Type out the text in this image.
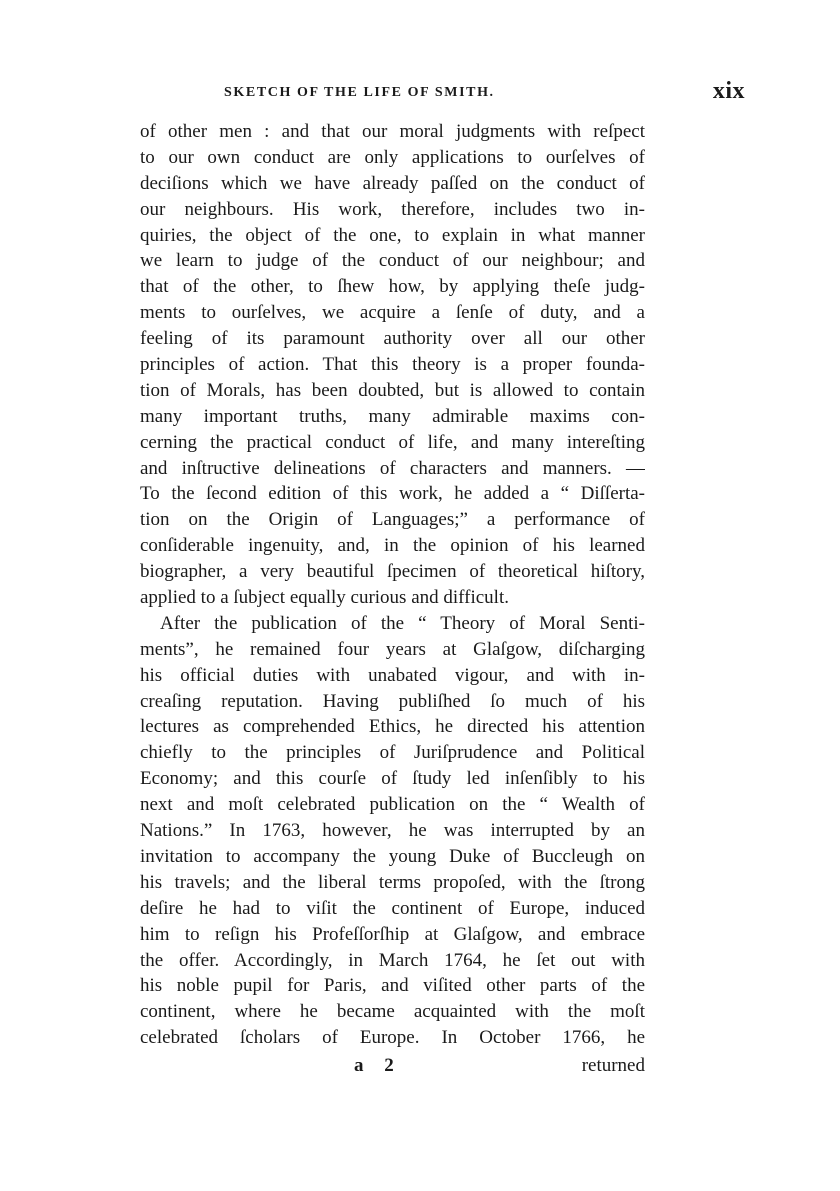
SKETCH OF THE LIFE OF SMITH.	xix
of other men : and that our moral judgments with reſpect
to our own conduct are only applications to ourſelves of
deciſions which we have already paſſed on the conduct of
our neighbours. His work, therefore, includes two in-
quiries, the object of the one, to explain in what manner
we learn to judge of the conduct of our neighbour; and
that of the other, to ſhew how, by applying theſe judg-
ments to ourſelves, we acquire a ſenſe of duty, and a
feeling of its paramount authority over all our other
principles of action. That this theory is a proper founda-
tion of Morals, has been doubted, but is allowed to contain
many important truths, many admirable maxims con-
cerning the practical conduct of life, and many intereſting
and inſtructive delineations of characters and manners. —
To the ſecond edition of this work, he added a “ Diſſerta-
tion on the Origin of Languages;” a performance of
conſiderable ingenuity, and, in the opinion of his learned
biographer, a very beautiful ſpecimen of theoretical hiſtory,
applied to a ſubject equally curious and difficult.
After the publication of the “ Theory of Moral Senti-
ments”, he remained four years at Glaſgow, diſcharging
his official duties with unabated vigour, and with in-
creaſing reputation. Having publiſhed ſo much of his
lectures as comprehended Ethics, he directed his attention
chiefly to the principles of Juriſprudence and Political
Economy; and this courſe of ſtudy led inſenſibly to his
next and moſt celebrated publication on the “ Wealth of
Nations.” In 1763, however, he was interrupted by an
invitation to accompany the young Duke of Buccleugh on
his travels; and the liberal terms propoſed, with the ſtrong
deſire he had to viſit the continent of Europe, induced
him to reſign his Profeſſorſhip at Glaſgow, and embrace
the offer. Accordingly, in March 1764, he ſet out with
his noble pupil for Paris, and viſited other parts of the
continent, where he became acquainted with the moſt
celebrated ſcholars of Europe. In October 1766, he
a 2	returned
